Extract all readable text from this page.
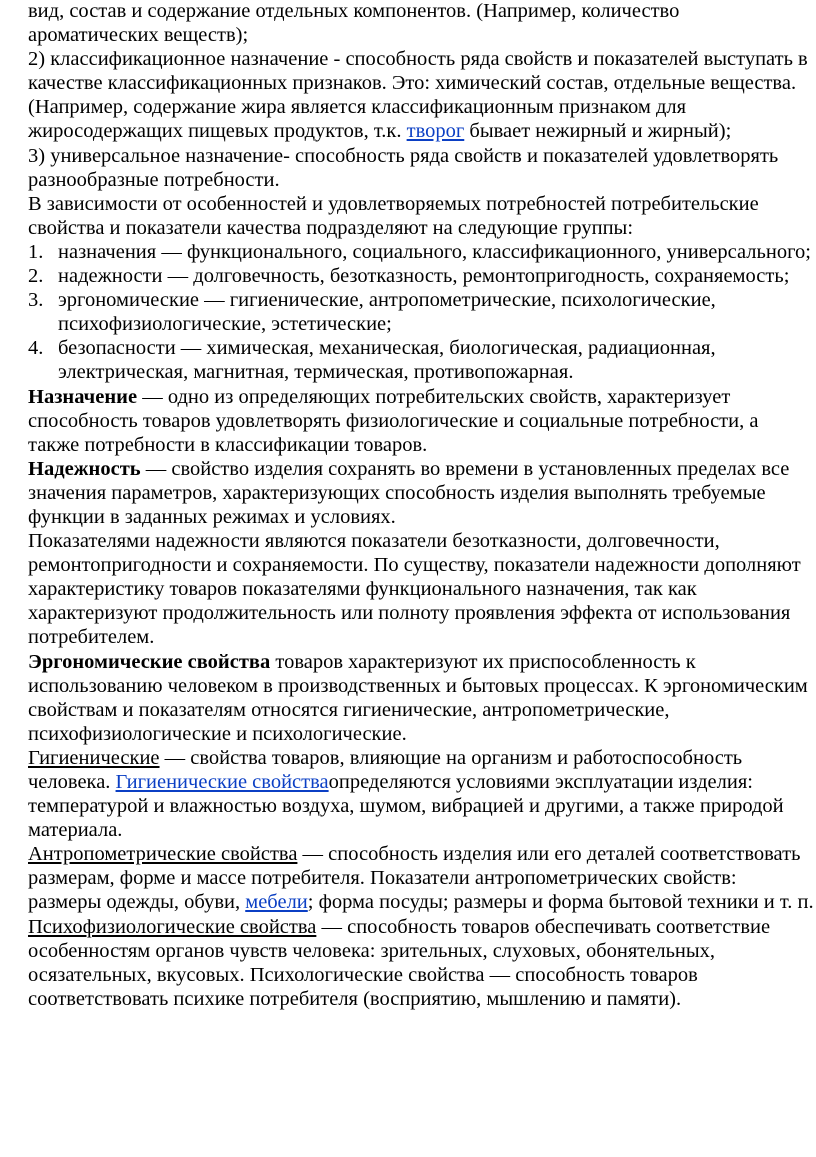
вид, состав и содержание отдельных компонентов. (Например, количество ароматических веществ);

2) классификационное назначение - способность ряда свойств и показателей выступать в качестве классификационных признаков. Это: химический состав, отдельные вещества. (Например, содержание жира является классификационным признаком для жиросодержащих пищевых продуктов, т.к. творог бывает нежирный и жирный);

3) универсальное назначение- способность ряда свойств и показателей удовлетворять разнообразные потребности.

В зависимости от особенностей и удовлетворяемых потребностей потребительские свойства и показатели качества подразделяют на следующие группы:

1. назначения — функционального, социального, классификационного, универсального;
2. надежности — долговечность, безотказность, ремонтопригодность, сохраняемость;
3. эргономические — гигиенические, антропометрические, психологические, психофизиологические, эстетические;
4. безопасности — химическая, механическая, биологическая, радиационная, электрическая, магнитная, термическая, противопожарная.

Назначение — одно из определяющих потребительских свойств, характеризует способность товаров удовлетворять физиологические и социальные потребности, а также потребности в классификации товаров.

Надежность — свойство изделия сохранять во времени в установленных пределах все значения параметров, характеризующих способность изделия выполнять требуемые функции в заданных режимах и условиях.

Показателями надежности являются показатели безотказности, долговечности, ремонтопригодности и сохраняемости. По существу, показатели надежности дополняют характеристику товаров показателями функционального назначения, так как характеризуют продолжительность или полноту проявления эффекта от использования потребителем.

Эргономические свойства товаров характеризуют их приспособленность к использованию человеком в производственных и бытовых процессах. К эргономическим свойствам и показателям относятся гигиенические, антропометрические, психофизиологические и психологические.

Гигиенические — свойства товаров, влияющие на организм и работоспособность человека. Гигиенические свойстваопределяются условиями эксплуатации изделия: температурой и влажностью воздуха, шумом, вибрацией и другими, а также природой материала.

Антропометрические свойства — способность изделия или его деталей соответствовать размерам, форме и массе потребителя. Показатели антропометрических свойств: размеры одежды, обуви, мебели; форма посуды; размеры и форма бытовой техники и т. п.

Психофизиологические свойства — способность товаров обеспечивать соответствие особенностям органов чувств человека: зрительных, слуховых, обонятельных, осязательных, вкусовых. Психологические свойства — способность товаров соответствовать психике потребителя (восприятию, мышлению и памяти).
